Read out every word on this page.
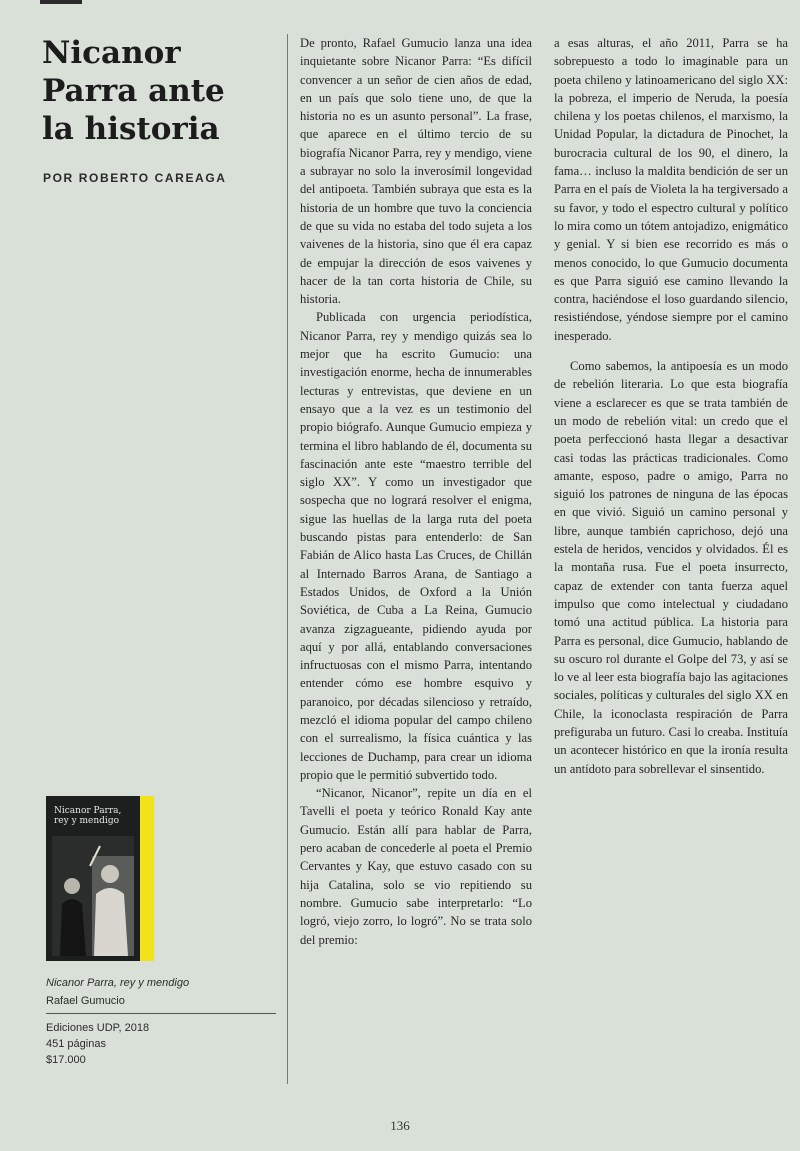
Nicanor Parra ante la historia
POR ROBERTO CAREAGA
Nicanor Parra, rey y mendigo
Nicanor Parra, rey y mendigo
Rafael Gumucio
Ediciones UDP, 2018
451 páginas
$17.000

De pronto, Rafael Gumucio lanza una idea inquietante sobre Nicanor Parra: “Es difícil convencer a un señor de cien años de edad, en un país que solo tiene uno, de que la historia no es un asunto personal”. La frase, que aparece en el último tercio de su biografía Nicanor Parra, rey y mendigo, viene a subrayar no solo la inverosímil longevidad del antipoeta. También subraya que esta es la historia de un hombre que tuvo la conciencia de que su vida no estaba del todo sujeta a los vaivenes de la historia, sino que él era capaz de empujar la dirección de esos vaivenes y hacer de la tan corta historia de Chile, su historia.

Publicada con urgencia periodística, Nicanor Parra, rey y mendigo quizás sea lo mejor que ha escrito Gumucio: una investigación enorme, hecha de innumerables lecturas y entrevistas, que deviene en un ensayo que a la vez es un testimonio del propio biógrafo. Aunque Gumucio empieza y termina el libro hablando de él, documenta su fascinación ante este “maestro terrible del siglo XX”. Y como un investigador que sospecha que no logrará resolver el enigma, sigue las huellas de la larga ruta del poeta buscando pistas para entenderlo: de San Fabián de Alico hasta Las Cruces, de Chillán al Internado Barros Arana, de Santiago a Estados Unidos, de Oxford a la Unión Soviética, de Cuba a La Reina, Gumucio avanza zigzagueante, pidiendo ayuda por aquí y por allá, entablando conversaciones infructuosas con el mismo Parra, intentando entender cómo ese hombre esquivo y paranoico, por décadas silencioso y retraído, mezcló el idioma popular del campo chileno con el surrealismo, la física cuántica y las lecciones de Duchamp, para crear un idioma propio que le permitió subvertido todo.

“Nicanor, Nicanor”, repite un día en el Tavelli el poeta y teórico Ronald Kay ante Gumucio. Están allí para hablar de Parra, pero acaban de concederle al poeta el Premio Cervantes y Kay, que estuvo casado con su hija Catalina, solo se vio repitiendo su nombre. Gumucio sabe interpretarlo: “Lo logró, viejo zorro, lo logró”. No se trata solo del premio:

a esas alturas, el año 2011, Parra se ha sobrepuesto a todo lo imaginable para un poeta chileno y latinoamericano del siglo XX: la pobreza, el imperio de Neruda, la poesía chilena y los poetas chilenos, el marxismo, la Unidad Popular, la dictadura de Pinochet, la burocracia cultural de los 90, el dinero, la fama… incluso la maldita bendición de ser un Parra en el país de Violeta la ha tergiversado a su favor, y todo el espectro cultural y político lo mira como un tótem antojadizo, enigmático y genial. Y si bien ese recorrido es más o menos conocido, lo que Gumucio documenta es que Parra siguió ese camino llevando la contra, haciéndose el loso guardando silencio, resistiéndose, yéndose siempre por el camino inesperado.

Como sabemos, la antipoesía es un modo de rebelión literaria. Lo que esta biografía viene a esclarecer es que se trata también de un modo de rebelión vital: un credo que el poeta perfeccionó hasta llegar a desactivar casi todas las prácticas tradicionales. Como amante, esposo, padre o amigo, Parra no siguió los patrones de ninguna de las épocas en que vivió. Siguió un camino personal y libre, aunque también caprichoso, dejó una estela de heridos, vencidos y olvidados. Él es la montaña rusa. Fue el poeta insurrecto, capaz de extender con tanta fuerza aquel impulso que como intelectual y ciudadano tomó una actitud pública. La historia para Parra es personal, dice Gumucio, hablando de su oscuro rol durante el Golpe del 73, y así se lo ve al leer esta biografía bajo las agitaciones sociales, políticas y culturales del siglo XX en Chile, la iconoclasta respiración de Parra prefiguraba un futuro. Casi lo creaba. Instituía un acontecer histórico en que la ironía resulta un antídoto para sobrellevar el sinsentido.

136
